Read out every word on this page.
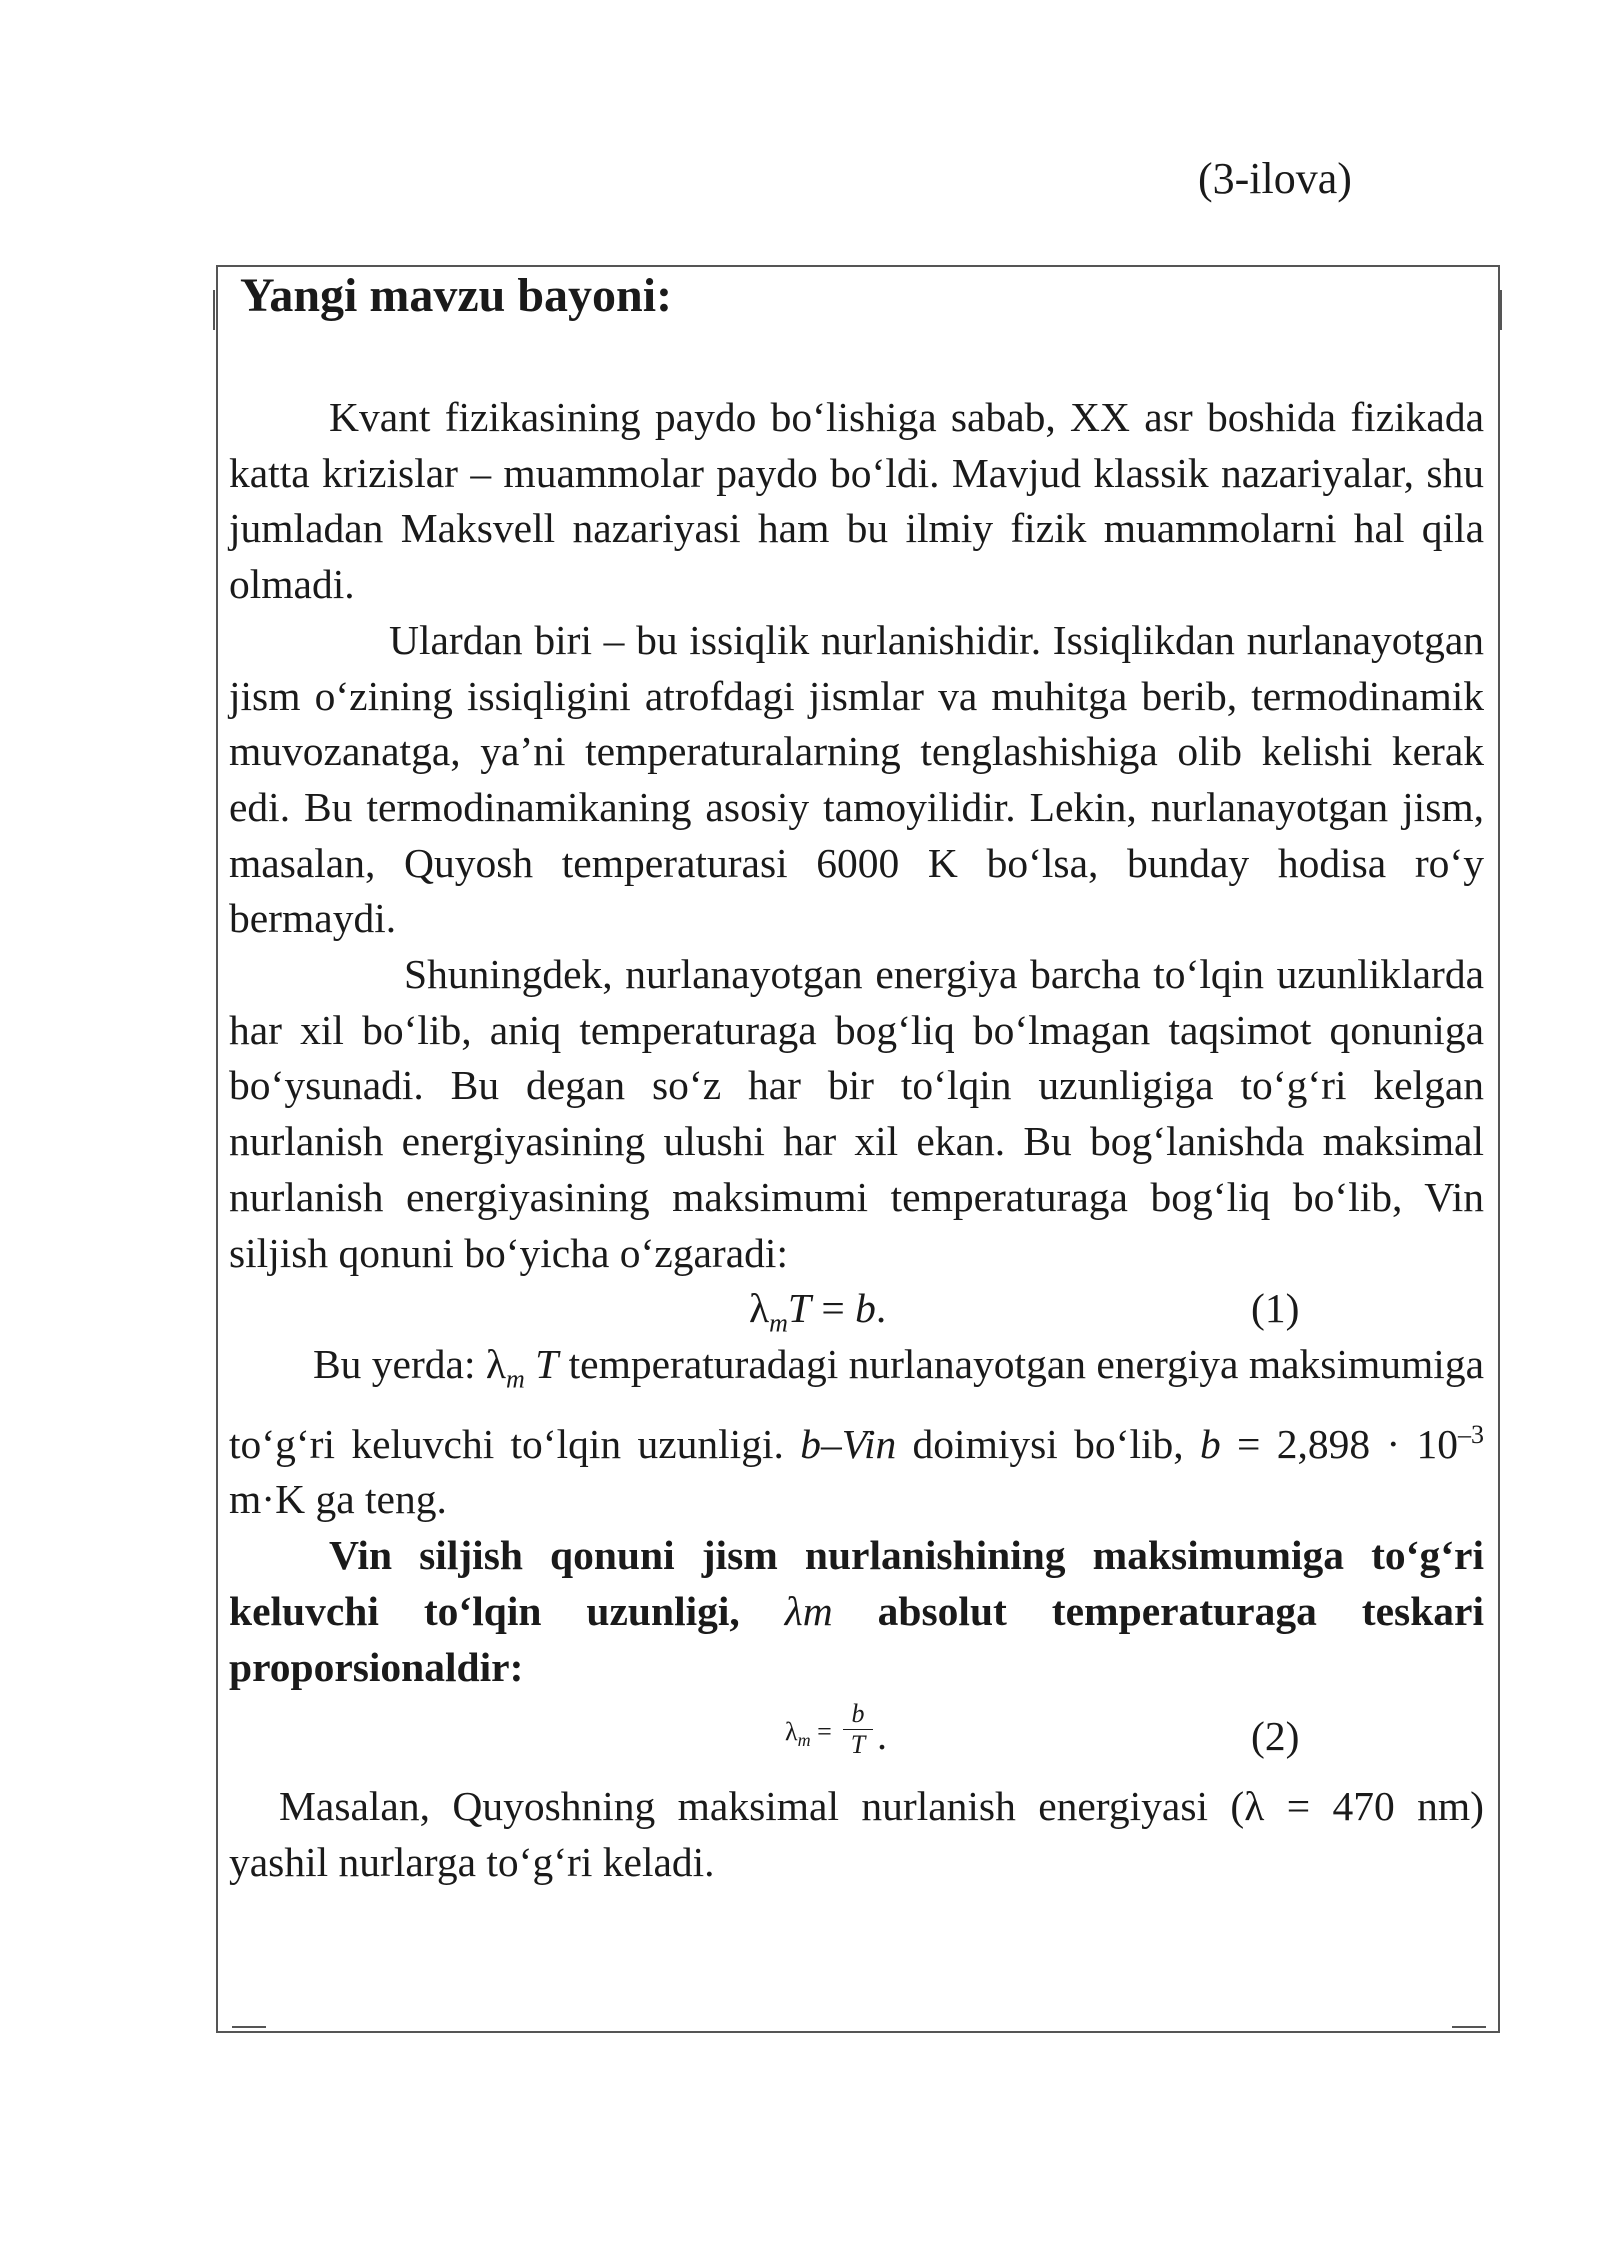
(3-ilova)
Yangi mavzu bayoni:

Kvant fizikasining paydo bo‘lishiga sabab, XX asr boshida fizikada katta krizislar – muammolar paydo bo‘ldi. Mavjud klassik nazariyalar, shu jumladan Maksvell nazariyasi ham bu ilmiy fizik muammolarni hal qila olmadi.

Ulardan biri – bu issiqlik nurlanishidir. Issiqlikdan nurlanayotgan jism o‘zining issiqligini atrofdagi jismlar va muhitga berib, termodinamik muvozanatga, ya’ni temperaturalarning tenglashishiga olib kelishi kerak edi. Bu termodinamikaning asosiy tamoyilidir. Lekin, nurlanayotgan jism, masalan, Quyosh temperaturasi 6000 K bo‘lsa, bunday hodisa ro‘y bermaydi.

Shuningdek, nurlanayotgan energiya barcha to‘lqin uzunliklarda har xil bo‘lib, aniq temperaturaga bog‘liq bo‘lmagan taqsimot qonuniga bo‘ysunadi. Bu degan so‘z har bir to‘lqin uzunligiga to‘g‘ri kelgan nurlanish energiyasining ulushi har xil ekan. Bu bog‘lanishda maksimal nurlanish energiyasining maksimumi temperaturaga bog‘liq bo‘lib, Vin siljish qonuni bo‘yicha o‘zgaradi:

$\lambda_mT = b$.	(1)

Bu yerda: $\lambda_m$ T temperaturadagi nurlanayotgan energiya maksimumiga to‘g‘ri keluvchi to‘lqin uzunligi. b–Vin doimiysi bo‘lib, $b = 2,898 \cdot 10^{-3}$ m·K ga teng.

Vin siljish qonuni jism nurlanishining maksimumiga to‘g‘ri keluvchi to‘lqin uzunligi, λm absolut temperaturaga teskari proporsionaldir:

$\lambda_m$ =
b
T .	(2)

Masalan, Quyoshning maksimal nurlanish energiyasi (λ = 470 nm) yashil nurlarga to‘g‘ri keladi.
